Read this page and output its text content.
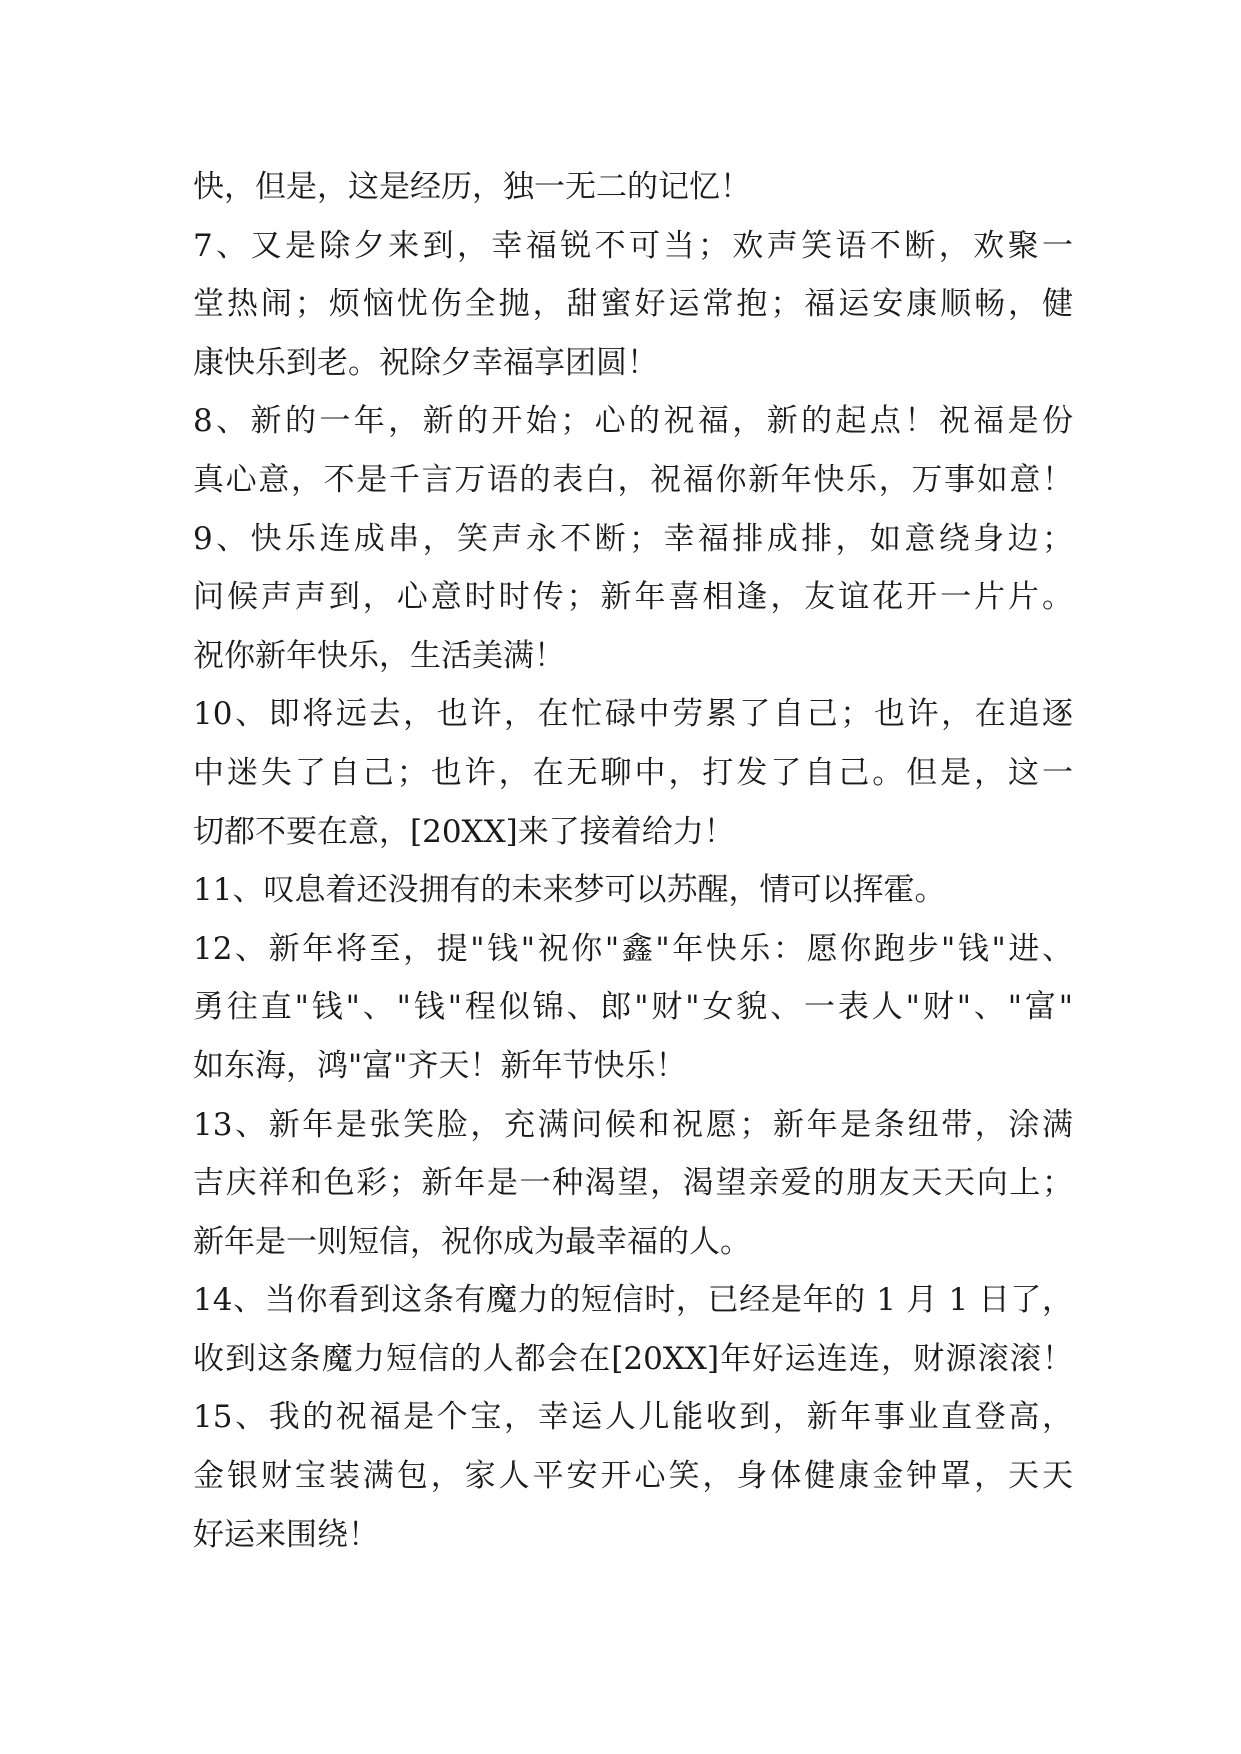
快，但是，这是经历，独一无二的记忆！
7、又是除夕来到，幸福锐不可当；欢声笑语不断，欢聚一
堂热闹；烦恼忧伤全抛，甜蜜好运常抱；福运安康顺畅，健
康快乐到老。祝除夕幸福享团圆！
8、新的一年，新的开始；心的祝福，新的起点！祝福是份
真心意，不是千言万语的表白，祝福你新年快乐，万事如意！
9、快乐连成串，笑声永不断；幸福排成排，如意绕身边；
问候声声到，心意时时传；新年喜相逢，友谊花开一片片。
祝你新年快乐，生活美满！
10、即将远去，也许，在忙碌中劳累了自己；也许，在追逐
中迷失了自己；也许，在无聊中，打发了自己。但是，这一
切都不要在意，[20XX]来了接着给力！
11、叹息着还没拥有的未来梦可以苏醒，情可以挥霍。
12、新年将至，提"钱"祝你"鑫"年快乐：愿你跑步"钱"进、
勇往直"钱"、"钱"程似锦、郎"财"女貌、一表人"财"、"富"
如东海，鸿"富"齐天！新年节快乐！
13、新年是张笑脸，充满问候和祝愿；新年是条纽带，涂满
吉庆祥和色彩；新年是一种渴望，渴望亲爱的朋友天天向上；
新年是一则短信，祝你成为最幸福的人。
14、当你看到这条有魔力的短信时，已经是年的 1 月 1 日了，
收到这条魔力短信的人都会在[20XX]年好运连连，财源滚滚！
15、我的祝福是个宝，幸运人儿能收到，新年事业直登高，
金银财宝装满包，家人平安开心笑，身体健康金钟罩，天天
好运来围绕！
